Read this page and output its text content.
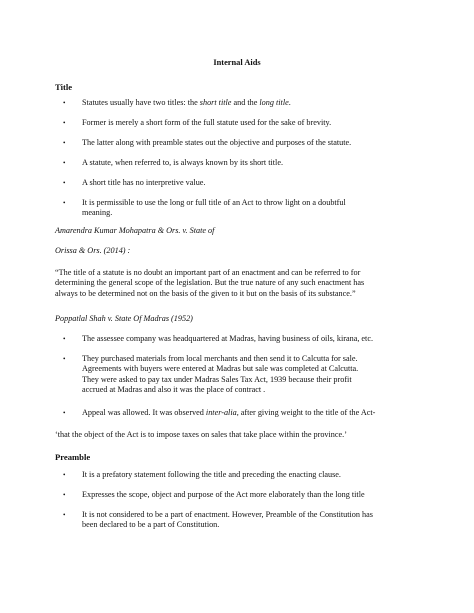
Internal Aids
Title
• Statutes usually have two titles: the short title and the long title.
• Former is merely a short form of the full statute used for the sake of brevity.
• The latter along with preamble states out the objective and purposes of the statute.
• A statute, when referred to, is always known by its short title.
• A short title has no interpretive value.
• It is permissible to use the long or full title of an Act to throw light on a doubtful
meaning.
Amarendra Kumar Mohapatra & Ors. v. State of
Orissa & Ors. (2014) :
“The title of a statute is no doubt an important part of an enactment and can be referred to for
determining the general scope of the legislation. But the true nature of any such enactment has
always to be determined not on the basis of the given to it but on the basis of its substance.”
Poppatlal Shah v. State Of Madras (1952)
• The assessee company was headquartered at Madras, having business of oils, kirana, etc.
• They purchased materials from local merchants and then send it to Calcutta for sale.
Agreements with buyers were entered at Madras but sale was completed at Calcutta.
They were asked to pay tax under Madras Sales Tax Act, 1939 because their profit
accrued at Madras and also it was the place of contract .
• Appeal was allowed. It was observed inter-alia, after giving weight to the title of the Act-
‘that the object of the Act is to impose taxes on sales that take place within the province.’
Preamble
• It is a prefatory statement following the title and preceding the enacting clause.
• Expresses the scope, object and purpose of the Act more elaborately than the long title
• It is not considered to be a part of enactment. However, Preamble of the Constitution has
been declared to be a part of Constitution.
